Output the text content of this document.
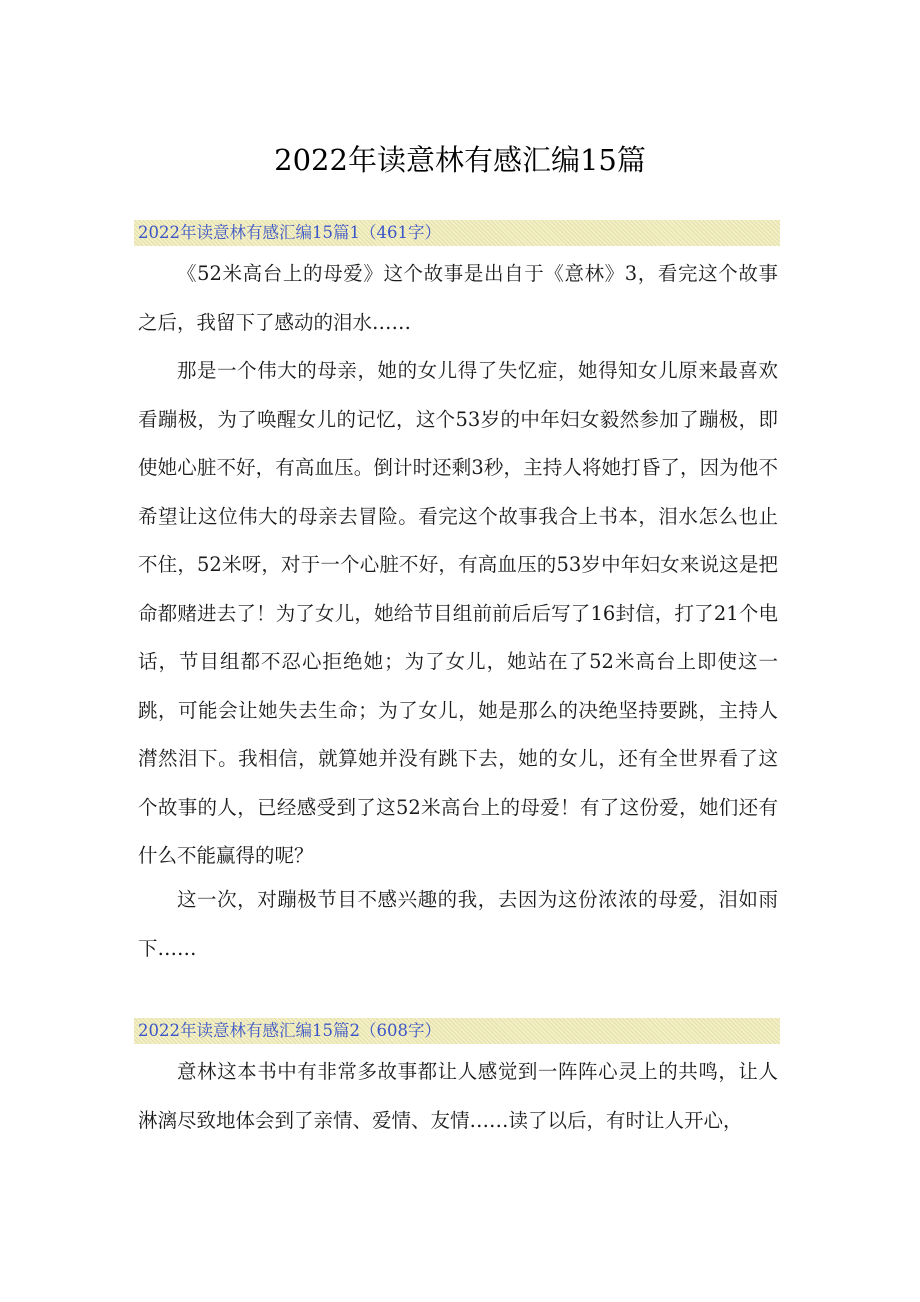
2022年读意林有感汇编15篇
2022年读意林有感汇编15篇1（461字）

《52米高台上的母爱》这个故事是出自于《意林》3，看完这个故事之后，我留下了感动的泪水……

那是一个伟大的母亲，她的女儿得了失忆症，她得知女儿原来最喜欢看蹦极，为了唤醒女儿的记忆，这个53岁的中年妇女毅然参加了蹦极，即使她心脏不好，有高血压。倒计时还剩3秒，主持人将她打昏了，因为他不希望让这位伟大的母亲去冒险。看完这个故事我合上书本，泪水怎么也止不住，52米呀，对于一个心脏不好，有高血压的53岁中年妇女来说这是把命都赌进去了！为了女儿，她给节目组前前后后写了16封信，打了21个电话，节目组都不忍心拒绝她；为了女儿，她站在了52米高台上即使这一跳，可能会让她失去生命；为了女儿，她是那么的决绝坚持要跳，主持人潸然泪下。我相信，就算她并没有跳下去，她的女儿，还有全世界看了这个故事的人，已经感受到了这52米高台上的母爱！有了这份爱，她们还有什么不能赢得的呢？

这一次，对蹦极节目不感兴趣的我，去因为这份浓浓的母爱，泪如雨下……

2022年读意林有感汇编15篇2（608字）

意林这本书中有非常多故事都让人感觉到一阵阵心灵上的共鸣，让人淋漓尽致地体会到了亲情、爱情、友情……读了以后，有时让人开心，
